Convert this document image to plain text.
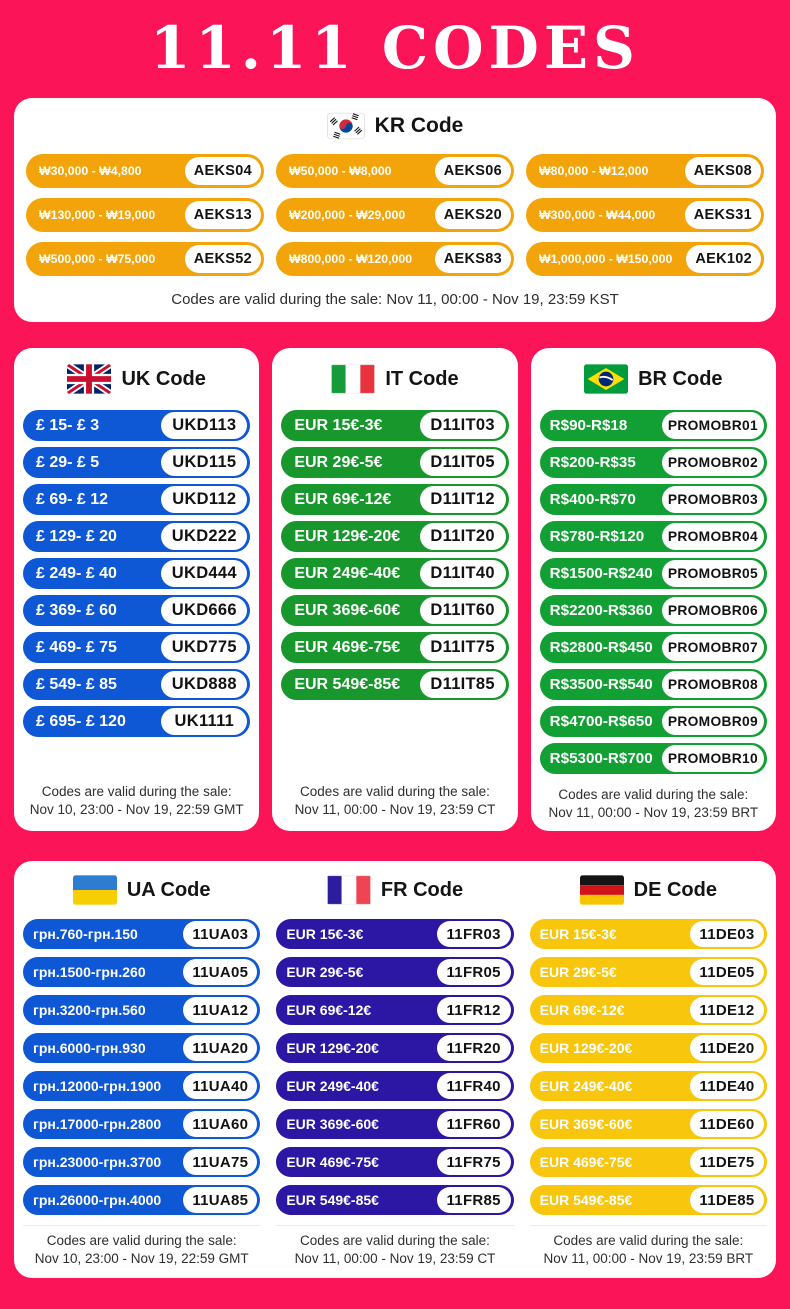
11.11 CODES
KR Code
₩30,000 - ₩4,800	AEKS04	₩50,000 - ₩8,000	AEKS06	₩80,000 - ₩12,000	AEKS08
₩130,000 - ₩19,000	AEKS13	₩200,000 - ₩29,000	AEKS20	₩300,000 - ₩44,000	AEKS31
₩500,000 - ₩75,000	AEKS52	₩800,000 - ₩120,000	AEKS83	₩1,000,000 - ₩150,000	AEK102
Codes are valid during the sale: Nov 11, 00:00 - Nov 19, 23:59 KST
UK Code
£ 15- £ 3	UKD113
£ 29- £ 5	UKD115
£ 69- £ 12	UKD112
£ 129- £ 20	UKD222
£ 249- £ 40	UKD444
£ 369- £ 60	UKD666
£ 469- £ 75	UKD775
£ 549- £ 85	UKD888
£ 695- £ 120	UK1111
Codes are valid during the sale:
Nov 10, 23:00 - Nov 19, 22:59 GMT
IT Code
EUR 15€-3€	D11IT03
EUR 29€-5€	D11IT05
EUR 69€-12€	D11IT12
EUR 129€-20€	D11IT20
EUR 249€-40€	D11IT40
EUR 369€-60€	D11IT60
EUR 469€-75€	D11IT75
EUR 549€-85€	D11IT85
Codes are valid during the sale:
Nov 11, 00:00 - Nov 19, 23:59 CT
BR Code
R$90-R$18	PROMOBR01
R$200-R$35	PROMOBR02
R$400-R$70	PROMOBR03
R$780-R$120	PROMOBR04
R$1500-R$240	PROMOBR05
R$2200-R$360	PROMOBR06
R$2800-R$450	PROMOBR07
R$3500-R$540	PROMOBR08
R$4700-R$650	PROMOBR09
R$5300-R$700	PROMOBR10
Codes are valid during the sale:
Nov 11, 00:00 - Nov 19, 23:59 BRT
UA Code
грн.760-грн.150	11UA03
грн.1500-грн.260	11UA05
грн.3200-грн.560	11UA12
грн.6000-грн.930	11UA20
грн.12000-грн.1900	11UA40
грн.17000-грн.2800	11UA60
грн.23000-грн.3700	11UA75
грн.26000-грн.4000	11UA85
Codes are valid during the sale:
Nov 10, 23:00 - Nov 19, 22:59 GMT
FR Code
EUR 15€-3€	11FR03
EUR 29€-5€	11FR05
EUR 69€-12€	11FR12
EUR 129€-20€	11FR20
EUR 249€-40€	11FR40
EUR 369€-60€	11FR60
EUR 469€-75€	11FR75
EUR 549€-85€	11FR85
Codes are valid during the sale:
Nov 11, 00:00 - Nov 19, 23:59 CT
DE Code
EUR 15€-3€	11DE03
EUR 29€-5€	11DE05
EUR 69€-12€	11DE12
EUR 129€-20€	11DE20
EUR 249€-40€	11DE40
EUR 369€-60€	11DE60
EUR 469€-75€	11DE75
EUR 549€-85€	11DE85
Codes are valid during the sale:
Nov 11, 00:00 - Nov 19, 23:59 BRT
